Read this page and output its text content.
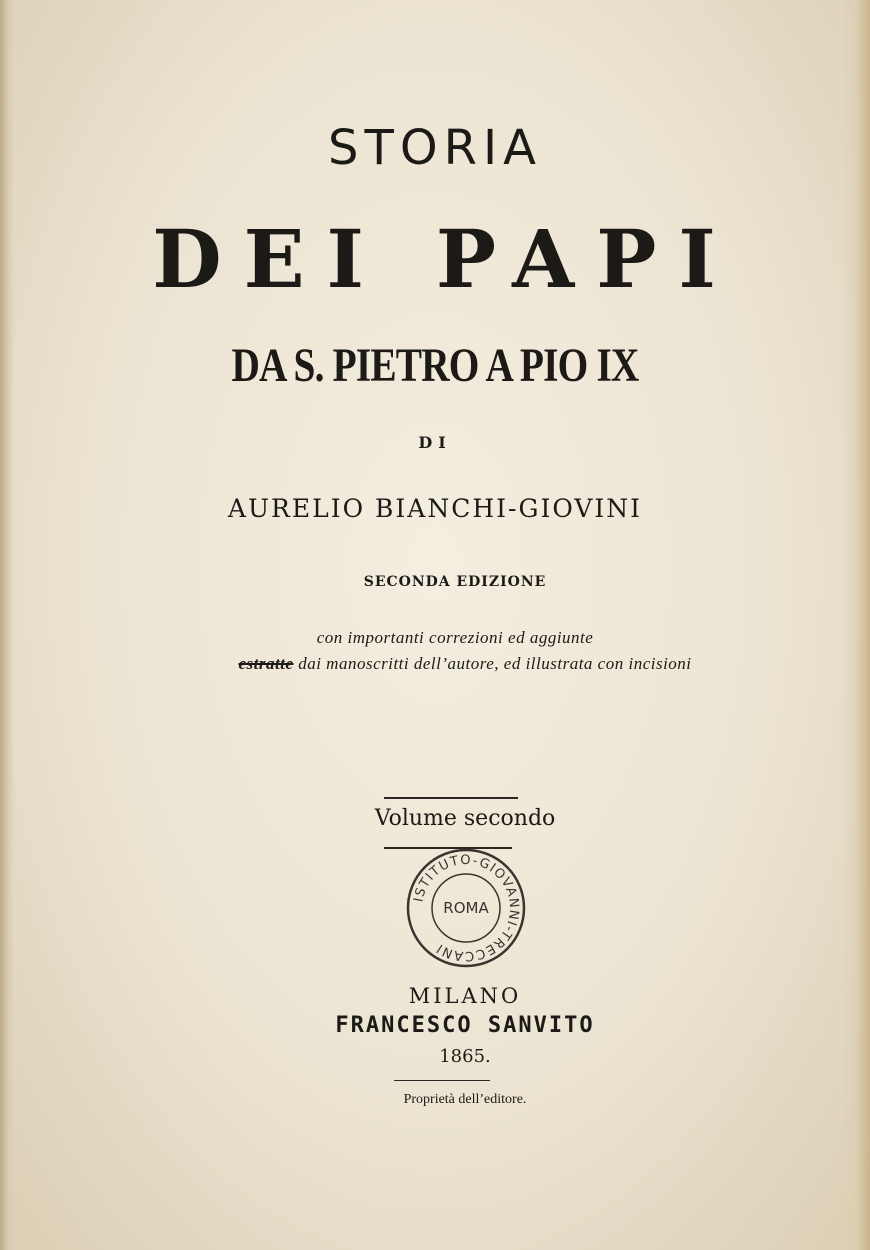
STORIA
DEI PAPI
DA S. PIETRO A PIO IX
DI
AURELIO BIANCHI-GIOVINI
SECONDA EDIZIONE
con importanti correzioni ed aggiunte
estratte dai manoscritti dell’autore, ed illustrata con incisioni
Volume secondo
ISTITUTO-GIOVANNI-TRECCANI
ROMA
MILANO
FRANCESCO SANVITO
1865.
Proprietà dell’editore.
